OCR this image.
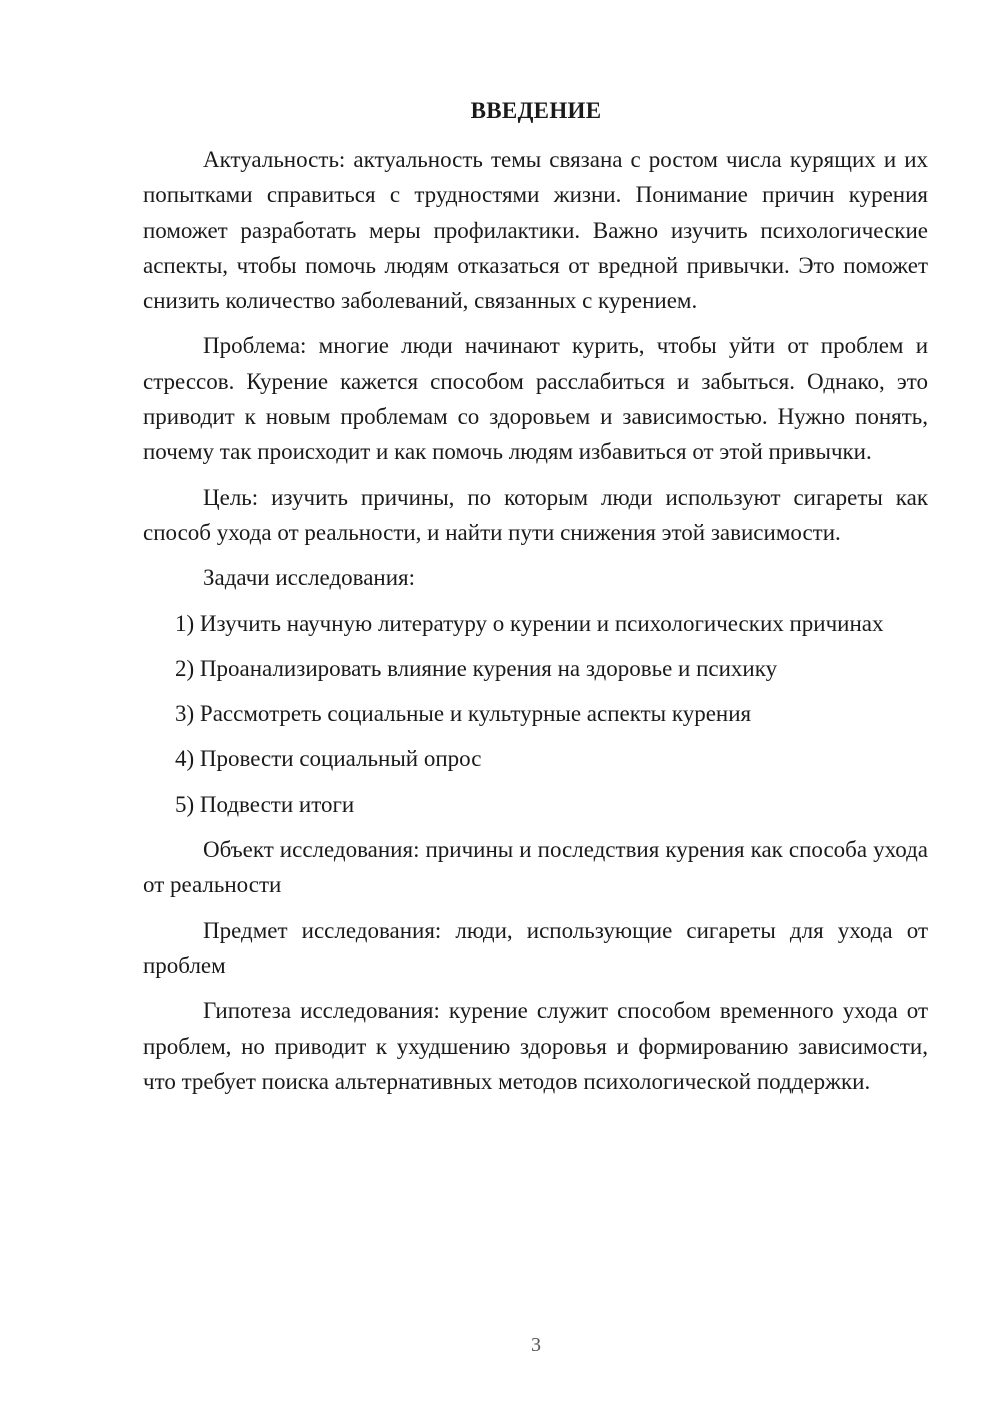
ВВЕДЕНИЕ

Актуальность: актуальность темы связана с ростом числа курящих и их попытками справиться с трудностями жизни. Понимание причин курения поможет разработать меры профилактики. Важно изучить психологические аспекты, чтобы помочь людям отказаться от вредной привычки. Это поможет снизить количество заболеваний, связанных с курением.

Проблема: многие люди начинают курить, чтобы уйти от проблем и стрессов. Курение кажется способом расслабиться и забыться. Однако, это приводит к новым проблемам со здоровьем и зависимостью. Нужно понять, почему так происходит и как помочь людям избавиться от этой привычки.

Цель: изучить причины, по которым люди используют сигареты как способ ухода от реальности, и найти пути снижения этой зависимости.

Задачи исследования:

1) Изучить научную литературу о курении и психологических причинах

2) Проанализировать влияние курения на здоровье и психику

3) Рассмотреть социальные и культурные аспекты курения

4) Провести социальный опрос

5) Подвести итоги

Объект исследования: причины и последствия курения как способа ухода от реальности

Предмет исследования: люди, использующие сигареты для ухода от проблем

Гипотеза исследования: курение служит способом временного ухода от проблем, но приводит к ухудшению здоровья и формированию зависимости, что требует поиска альтернативных методов психологической поддержки.

3
